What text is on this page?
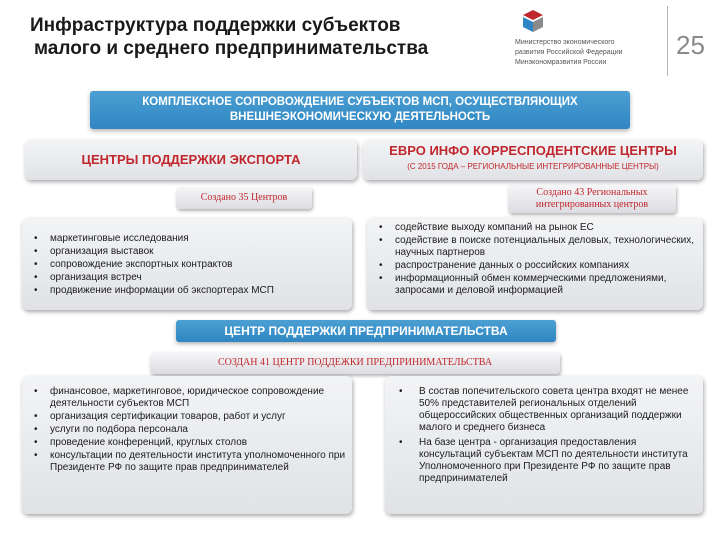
Инфраструктура поддержки субъектов
малого и среднего предпринимательства	Министерство экономического
развития Российской Федерации
Минэкономразвития России
25
КОМПЛЕКСНОЕ СОПРОВОЖДЕНИЕ СУБЪЕКТОВ МСП, ОСУЩЕСТВЛЯЮЩИХ
ВНЕШНЕЭКОНОМИЧЕСКУЮ ДЕЯТЕЛЬНОСТЬ
ЦЕНТРЫ ПОДДЕРЖКИ ЭКСПОРТА
ЕВРО ИНФО КОРРЕСПОДЕНТСКИЕ ЦЕНТРЫ
(С 2015 ГОДА – РЕГИОНАЛЬНЫЕ ИНТЕГРИРОВАННЫЕ ЦЕНТРЫ)
Создано 35 Центров	Создано 43 Региональных
интегрированных центров
• маркетинговые исследования
• организация выставок
• сопровождение экспортных контрактов
• организация встреч
• продвижение информации об экспортерах МСП
• содействие выходу компаний на рынок ЕС
• содействие в поиске потенциальных деловых, технологических, научных партнеров
• распространение данных о российских компаниях
• информационный обмен коммерческими предложениями, запросами и деловой информацией
ЦЕНТР ПОДДЕРЖКИ ПРЕДПРИНИМАТЕЛЬСТВА
СОЗДАН 41 ЦЕНТР ПОДДЕЖКИ ПРЕДПРИНИМАТЕЛЬСТВА
• финансовое, маркетинговое, юридическое сопровождение деятельности субъектов МСП
• организация сертификации товаров, работ и услуг
• услуги по подбора персонала
• проведение конференций, круглых столов
• консультации по деятельности института уполномоченного при Президенте РФ по защите прав предпринимателей
• В состав попечительского совета центра входят не менее 50% представителей региональных отделений общероссийских общественных организаций поддержки малого и среднего бизнеса
• На базе центра - организация предоставления консультаций субъектам МСП по деятельности института Уполномоченного при Президенте РФ по защите прав предпринимателей
